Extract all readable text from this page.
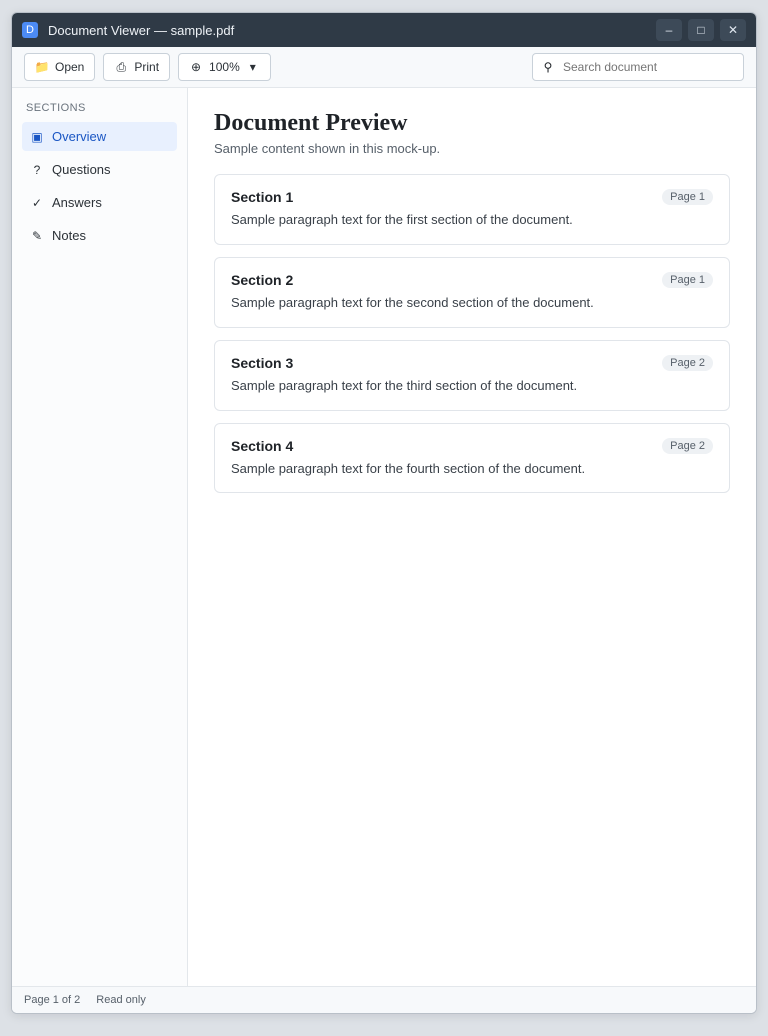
D	Document Viewer — sample.pdf	–	□	✕
📁 Open	⎙ Print	⊕ 100% ▾	⚲
Search document
SECTIONS
▣ Overview
? Questions
✓ Answers
✎ Notes
Document Preview

Sample content shown in this mock-up.

Section 1	Page 1
Sample paragraph text for the first section of the document.
Section 2	Page 1
Sample paragraph text for the second section of the document.
Section 3	Page 2
Sample paragraph text for the third section of the document.
Section 4	Page 2
Sample paragraph text for the fourth section of the document.
Page 1 of 2 Read only
